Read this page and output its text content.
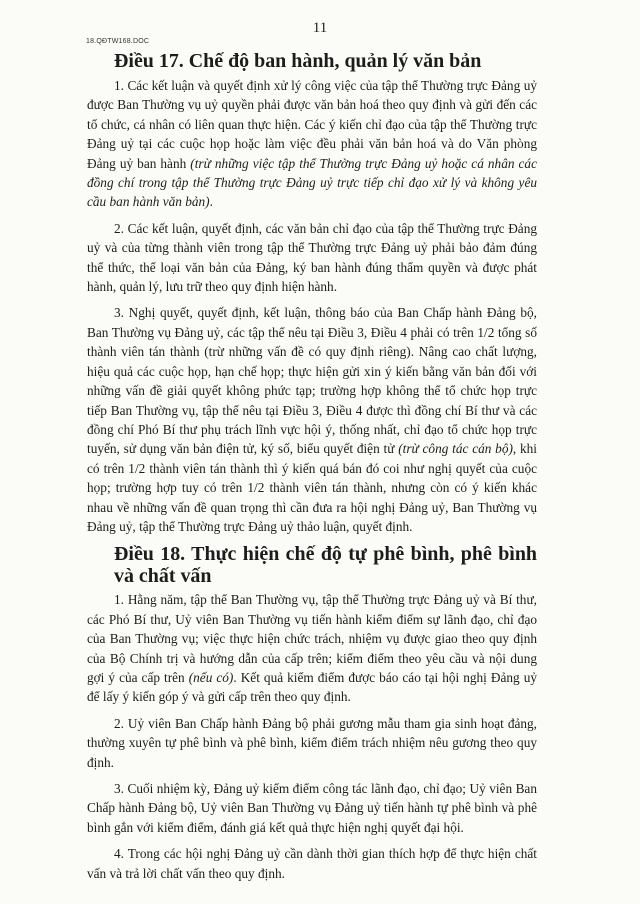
18.QĐTW168.DOC
11
Điều 17. Chế độ ban hành, quản lý văn bản

1. Các kết luận và quyết định xử lý công việc của tập thể Thường trực Đảng uỷ được Ban Thường vụ uỷ quyền phải được văn bản hoá theo quy định và gửi đến các tổ chức, cá nhân có liên quan thực hiện. Các ý kiến chỉ đạo của tập thể Thường trực Đảng uỷ tại các cuộc họp hoặc làm việc đều phải văn bản hoá và do Văn phòng Đảng uỷ ban hành (trừ những việc tập thể Thường trực Đảng uỷ hoặc cá nhân các đồng chí trong tập thể Thường trực Đảng uỷ trực tiếp chỉ đạo xử lý và không yêu cầu ban hành văn bản).

2. Các kết luận, quyết định, các văn bản chỉ đạo của tập thể Thường trực Đảng uỷ và của từng thành viên trong tập thể Thường trực Đảng uỷ phải bảo đảm đúng thể thức, thể loại văn bản của Đảng, ký ban hành đúng thẩm quyền và được phát hành, quản lý, lưu trữ theo quy định hiện hành.

3. Nghị quyết, quyết định, kết luận, thông báo của Ban Chấp hành Đảng bộ, Ban Thường vụ Đảng uỷ, các tập thể nêu tại Điều 3, Điều 4 phải có trên 1/2 tổng số thành viên tán thành (trừ những vấn đề có quy định riêng). Nâng cao chất lượng, hiệu quả các cuộc họp, hạn chế họp; thực hiện gửi xin ý kiến bằng văn bản đối với những vấn đề giải quyết không phức tạp; trường hợp không thể tổ chức họp trực tiếp Ban Thường vụ, tập thể nêu tại Điều 3, Điều 4 được thì đồng chí Bí thư và các đồng chí Phó Bí thư phụ trách lĩnh vực hội ý, thống nhất, chỉ đạo tổ chức họp trực tuyến, sử dụng văn bản điện tử, ký số, biểu quyết điện tử (trừ công tác cán bộ), khi có trên 1/2 thành viên tán thành thì ý kiến quá bán đó coi như nghị quyết của cuộc họp; trường hợp tuy có trên 1/2 thành viên tán thành, nhưng còn có ý kiến khác nhau về những vấn đề quan trọng thì cần đưa ra hội nghị Đảng uỷ, Ban Thường vụ Đảng uỷ, tập thể Thường trực Đảng uỷ thảo luận, quyết định.

Điều 18. Thực hiện chế độ tự phê bình, phê bình và chất vấn

1. Hằng năm, tập thể Ban Thường vụ, tập thể Thường trực Đảng uỷ và Bí thư, các Phó Bí thư, Uỷ viên Ban Thường vụ tiến hành kiểm điểm sự lãnh đạo, chỉ đạo của Ban Thường vụ; việc thực hiện chức trách, nhiệm vụ được giao theo quy định của Bộ Chính trị và hướng dẫn của cấp trên; kiểm điểm theo yêu cầu và nội dung gợi ý của cấp trên (nếu có). Kết quả kiểm điểm được báo cáo tại hội nghị Đảng uỷ để lấy ý kiến góp ý và gửi cấp trên theo quy định.

2. Uỷ viên Ban Chấp hành Đảng bộ phải gương mẫu tham gia sinh hoạt đảng, thường xuyên tự phê bình và phê bình, kiểm điểm trách nhiệm nêu gương theo quy định.

3. Cuối nhiệm kỳ, Đảng uỷ kiểm điểm công tác lãnh đạo, chỉ đạo; Uỷ viên Ban Chấp hành Đảng bộ, Uỷ viên Ban Thường vụ Đảng uỷ tiến hành tự phê bình và phê bình gắn với kiểm điểm, đánh giá kết quả thực hiện nghị quyết đại hội.

4. Trong các hội nghị Đảng uỷ cần dành thời gian thích hợp để thực hiện chất vấn và trả lời chất vấn theo quy định.
